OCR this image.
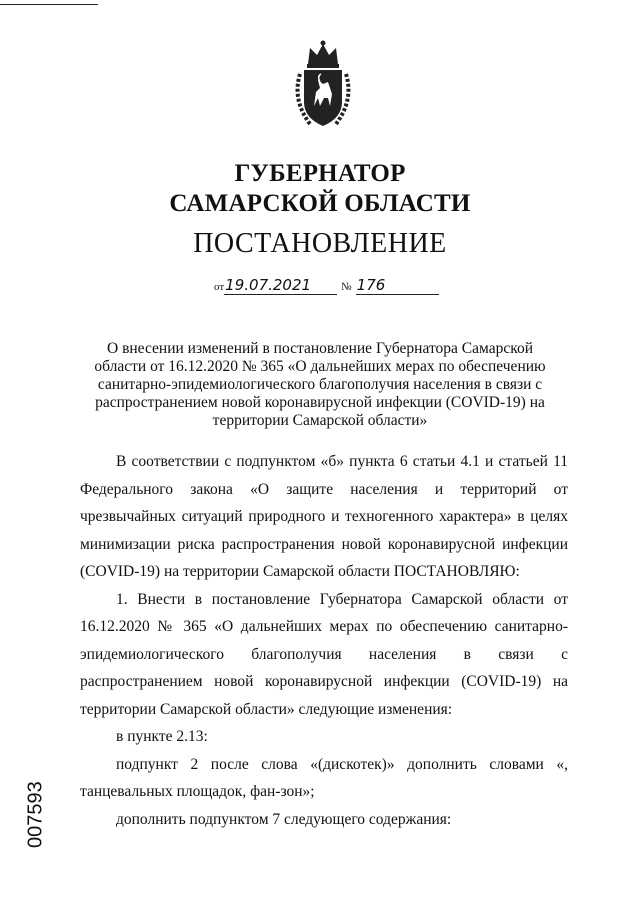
ГУБЕРНАТОР
САМАРСКОЙ ОБЛАСТИ
ПОСТАНОВЛЕНИЕ
от19.07.2021	№ 176
О внесении изменений в постановление Губернатора Самарской области от 16.12.2020 № 365 «О дальнейших мерах по обеспечению санитарно-эпидемиологического благополучия населения в связи с распространением новой коронавирусной инфекции (COVID-19) на территории Самарской области»

В соответствии с подпунктом «б» пункта 6 статьи 4.1 и статьей 11 Федерального закона «О защите населения и территорий от чрезвычайных ситуаций природного и техногенного характера» в целях минимизации риска распространения новой коронавирусной инфекции (COVID-19) на территории Самарской области ПОСТАНОВЛЯЮ:

1. Внести в постановление Губернатора Самарской области от 16.12.2020 № 365 «О дальнейших мерах по обеспечению санитарно-эпидемиологического благополучия населения в связи с распространением новой коронавирусной инфекции (COVID-19) на территории Самарской области» следующие изменения:

в пункте 2.13:

подпункт 2 после слова «(дискотек)» дополнить словами «, танцевальных площадок, фан-зон»;

дополнить подпунктом 7 следующего содержания:

007593
